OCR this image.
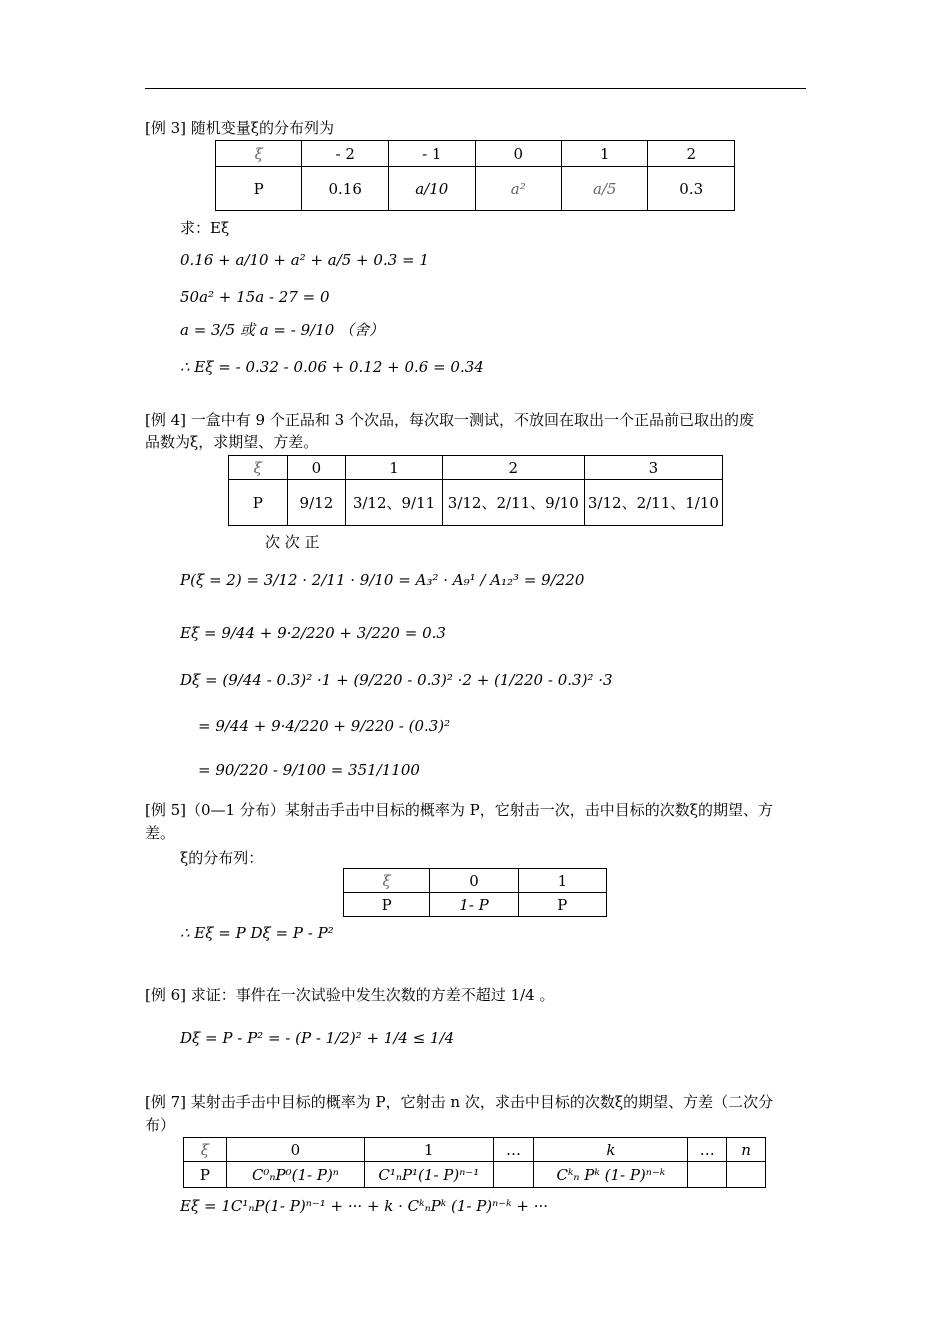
[例 3] 随机变量ξ的分布列为
ξ	- 2	- 1	0	1	2
P	0.16	a/10	a²	a/5	0.3
求：Eξ
0.16 + a/10 + a² + a/5 + 0.3 = 1
50a² + 15a - 27 = 0
a = 3/5 或 a = - 9/10 （舍）
∴ Eξ = - 0.32 - 0.06 + 0.12 + 0.6 = 0.34
[例 4] 一盒中有 9 个正品和 3 个次品，每次取一测试，不放回在取出一个正品前已取出的废
品数为ξ，求期望、方差。
ξ	0	1	2	3
P	9/12	3/12、9/11	3/12、2/11、9/10	3/12、2/11、1/10
次 次 正
P(ξ = 2) = 3/12 · 2/11 · 9/10 = A₃² · A₉¹ / A₁₂³ = 9/220
Eξ = 9/44 + 9·2/220 + 3/220 = 0.3
Dξ = (9/44 - 0.3)² ·1 + (9/220 - 0.3)² ·2 + (1/220 - 0.3)² ·3
= 9/44 + 9·4/220 + 9/220 - (0.3)²
= 90/220 - 9/100 = 351/1100
[例 5]（0—1 分布）某射击手击中目标的概率为 P，它射击一次，击中目标的次数ξ的期望、方
差。
ξ的分布列：
ξ	0	1
P	1- P	P
∴ Eξ = P Dξ = P - P²
[例 6] 求证：事件在一次试验中发生次数的方差不超过 1/4 。
Dξ = P - P² = - (P - 1/2)² + 1/4 ≤ 1/4
[例 7] 某射击手击中目标的概率为 P，它射击 n 次，求击中目标的次数ξ的期望、方差（二次分
布）
ξ	0	1	…	k	…	n
P	C⁰ₙP⁰(1- P)ⁿ	C¹ₙP¹(1- P)ⁿ⁻¹		Cᵏₙ Pᵏ (1- P)ⁿ⁻ᵏ		
Eξ = 1C¹ₙP(1- P)ⁿ⁻¹ + ··· + k · CᵏₙPᵏ (1- P)ⁿ⁻ᵏ + ···
